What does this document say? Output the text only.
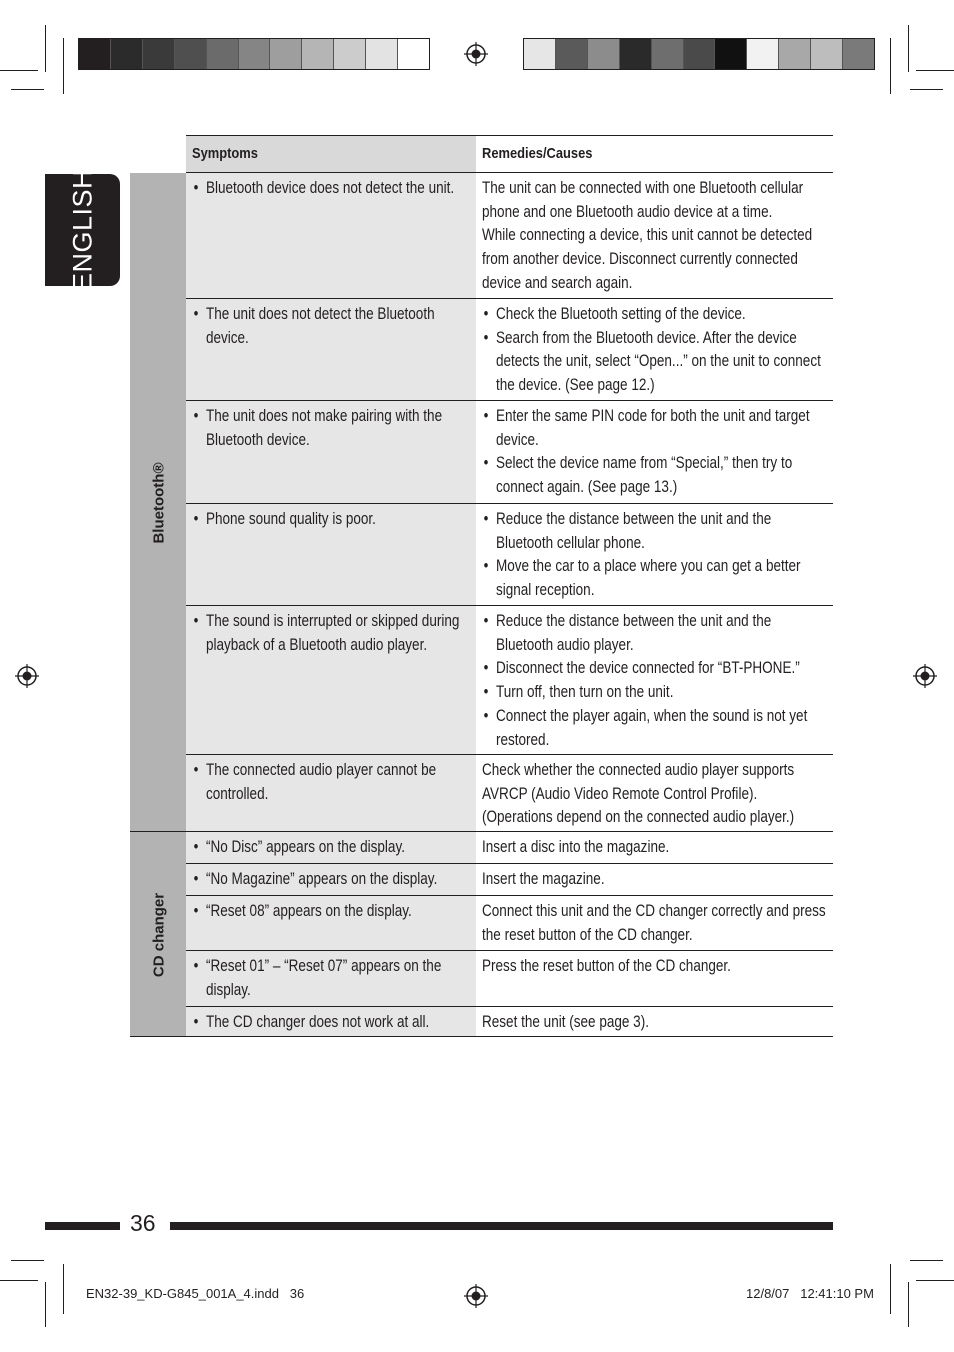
ENGLISH
Symptoms	Remedies/Causes
Bluetooth®
CD changer
• Bluetooth device does not detect the unit.	The unit can be connected with one Bluetooth cellular phone and one Bluetooth audio device at a time.
While connecting a device, this unit cannot be detected from another device. Disconnect currently connected device and search again.
• The unit does not detect the Bluetooth device.
• Check the Bluetooth setting of the device.
• Search from the Bluetooth device. After the device detects the unit, select “Open...” on the unit to connect the device. (See page 12.)
• The unit does not make pairing with the Bluetooth device.
• Enter the same PIN code for both the unit and target device.
• Select the device name from “Special,” then try to connect again. (See page 13.)
• Phone sound quality is poor.
•	Reduce the distance between the unit and the Bluetooth cellular phone.
• Move the car to a place where you can get a better signal reception.
• The sound is interrupted or skipped during playback of a Bluetooth audio player.
• Reduce the distance between the unit and the Bluetooth audio player.
• Disconnect the device connected for “BT-PHONE.”
• Turn off, then turn on the unit.
• Connect the player again, when the sound is not yet restored.
• The connected audio player cannot be controlled.
Check whether the connected audio player supports AVRCP (Audio Video Remote Control Profile). (Operations depend on the connected audio player.)
• “No Disc” appears on the display.	Insert a disc into the magazine.
• “No Magazine” appears on the display.	Insert the magazine.
• “Reset 08” appears on the display.	Connect this unit and the CD changer correctly and press the reset button of the CD changer.
• “Reset 01” – “Reset 07” appears on the display.
Press the reset button of the CD changer.
• The CD changer does not work at all.	Reset the unit (see page 3).
36
EN32-39_KD-G845_001A_4.indd   36	12/8/07   12:41:10 PM
